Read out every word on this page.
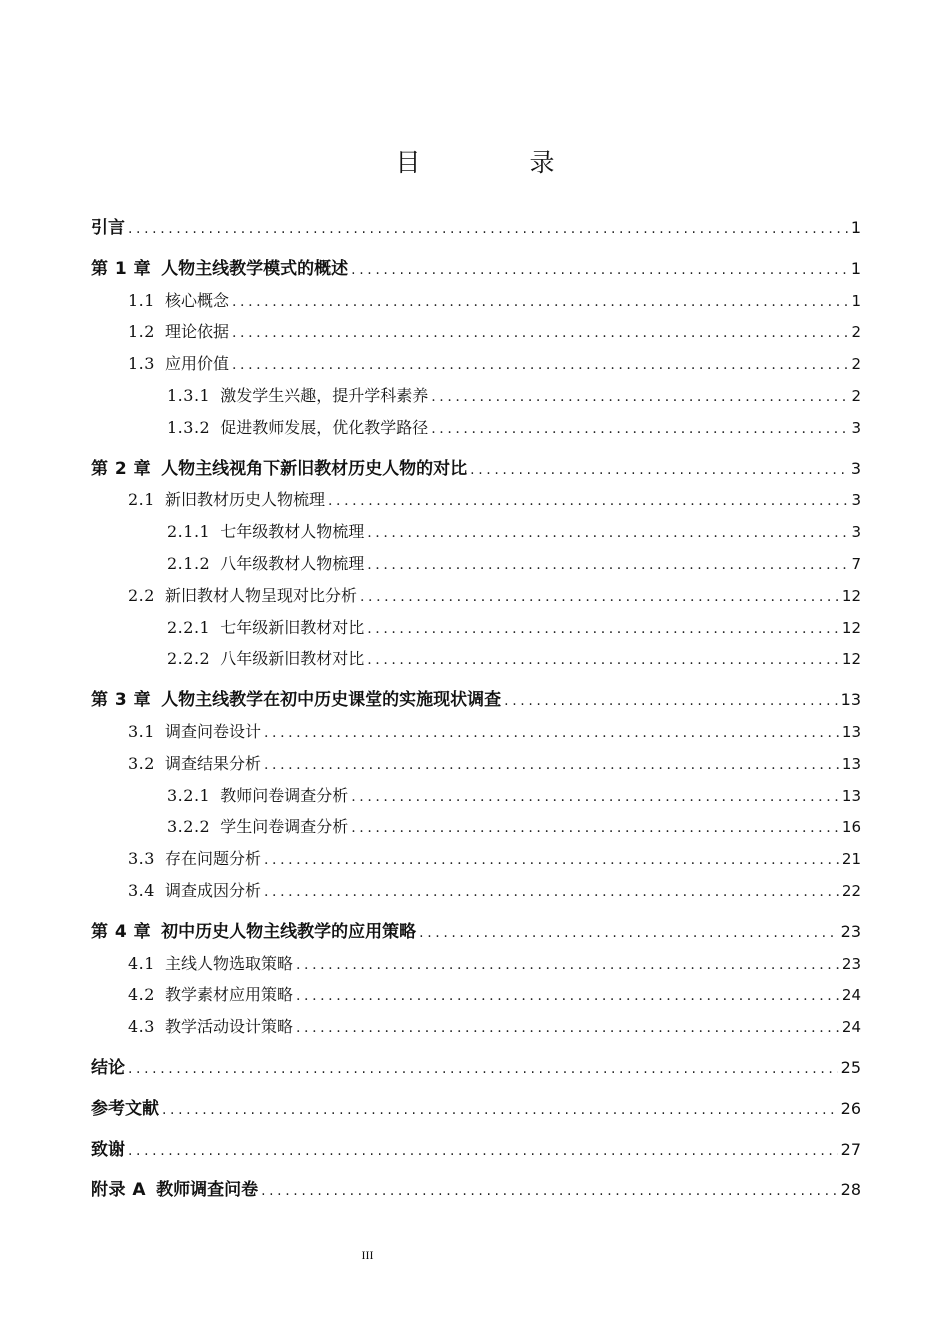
目　录
引言 .....	1
第 1 章 人物主线教学模式的概述 .....	1
1.1 核心概念 .....	1
1.2 理论依据 .....	2
1.3 应用价值 .....	2
1.3.1 激发学生兴趣，提升学科素养 .....	2
1.3.2 促进教师发展，优化教学路径 .....	3
第 2 章 人物主线视角下新旧教材历史人物的对比 .....	3
2.1 新旧教材历史人物梳理 .....	3
2.1.1 七年级教材人物梳理 .....	3
2.1.2 八年级教材人物梳理 .....	7
2.2 新旧教材人物呈现对比分析 .....	12
2.2.1 七年级新旧教材对比 .....	12
2.2.2 八年级新旧教材对比 .....	12
第 3 章 人物主线教学在初中历史课堂的实施现状调查 .....	13
3.1 调查问卷设计 .....	13
3.2 调查结果分析 .....	13
3.2.1 教师问卷调查分析 .....	13
3.2.2 学生问卷调查分析 .....	16
3.3 存在问题分析 .....	21
3.4 调查成因分析 .....	22
第 4 章 初中历史人物主线教学的应用策略 .....	23
4.1 主线人物选取策略 .....	23
4.2 教学素材应用策略 .....	24
4.3 教学活动设计策略 .....	24
结论 .....	25
参考文献 .....	26
致谢 .....	27
附录 A 教师调查问卷 .....	28
III
